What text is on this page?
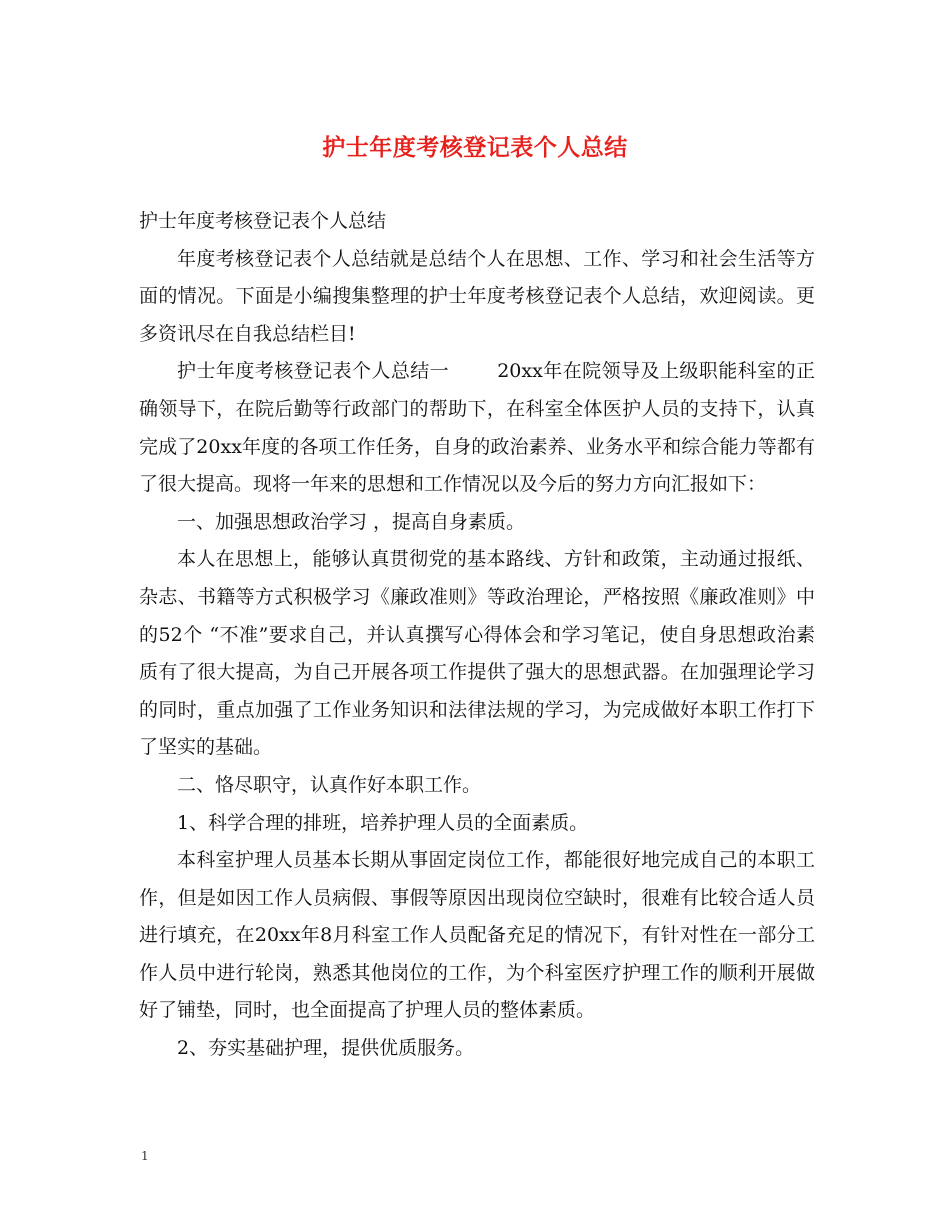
护士年度考核登记表个人总结

护士年度考核登记表个人总结

年度考核登记表个人总结就是总结个人在思想、工作、学习和社会生活等方面的情况。下面是小编搜集整理的护士年度考核登记表个人总结，欢迎阅读。更多资讯尽在自我总结栏目!

护士年度考核登记表个人总结一	20xx年在院领导及上级职能科室的正确领导下，在院后勤等行政部门的帮助下，在科室全体医护人员的支持下，认真完成了20xx年度的各项工作任务，自身的政治素养、业务水平和综合能力等都有了很大提高。现将一年来的思想和工作情况以及今后的努力方向汇报如下：

一、加强思想政治学习 ，提高自身素质。

本人在思想上，能够认真贯彻党的基本路线、方针和政策，主动通过报纸、杂志、书籍等方式积极学习《廉政准则》等政治理论，严格按照《廉政准则》中的52个 “不准”要求自己，并认真撰写心得体会和学习笔记，使自身思想政治素质有了很大提高，为自己开展各项工作提供了强大的思想武器。在加强理论学习的同时，重点加强了工作业务知识和法律法规的学习，为完成做好本职工作打下了坚实的基础。

二、恪尽职守，认真作好本职工作。

1、科学合理的排班，培养护理人员的全面素质。

本科室护理人员基本长期从事固定岗位工作，都能很好地完成自己的本职工作，但是如因工作人员病假、事假等原因出现岗位空缺时，很难有比较合适人员进行填充，在20xx年8月科室工作人员配备充足的情况下，有针对性在一部分工作人员中进行轮岗，熟悉其他岗位的工作，为个科室医疗护理工作的顺利开展做好了铺垫，同时，也全面提高了护理人员的整体素质。

2、夯实基础护理，提供优质服务。

1
